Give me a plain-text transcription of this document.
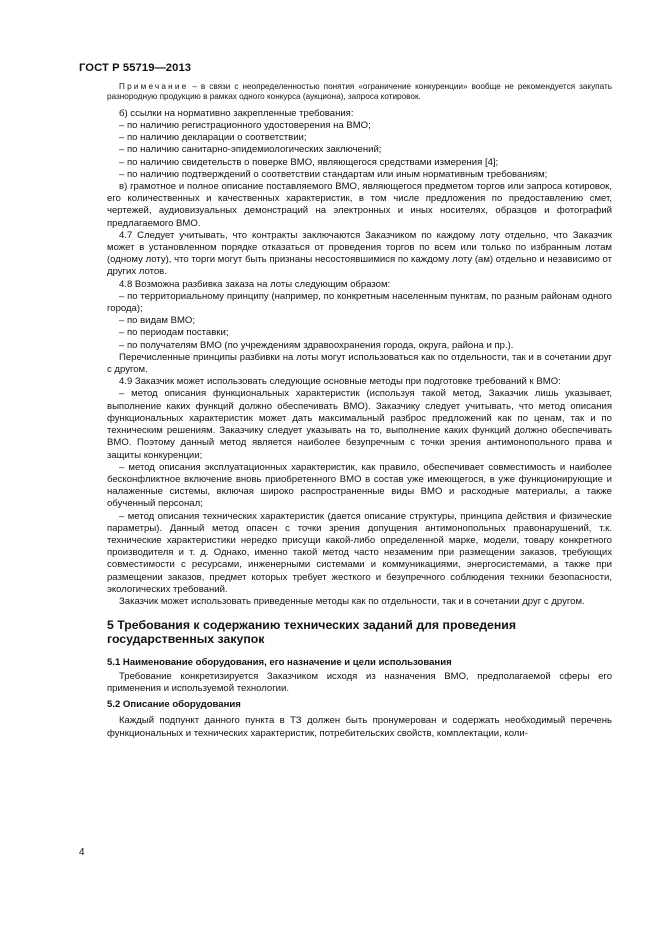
ГОСТ Р 55719—2013

Примечание – в связи с неопределенностью понятия «ограничение конкуренции» вообще не рекомендуется закупать разнородную продукцию в рамках одного конкурса (аукциона), запроса котировок.

б) ссылки на нормативно закрепленные требования:

– по наличию регистрационного удостоверения на ВМО;

– по наличию декларации о соответствии;

– по наличию санитарно-эпидемиологических заключений;

– по наличию свидетельств о поверке ВМО, являющегося средствами измерения [4];

– по наличию подтверждений о соответствии стандартам или иным нормативным требованиям;

в) грамотное и полное описание поставляемого ВМО, являющегося предметом торгов или запроса котировок, его количественных и качественных характеристик, в том числе предложения по предоставлению смет, чертежей, аудиовизуальных демонстраций на электронных и иных носителях, образцов и фотографий предлагаемого ВМО.

4.7 Следует учитывать, что контракты заключаются Заказчиком по каждому лоту отдельно, что Заказчик может в установленном порядке отказаться от проведения торгов по всем или только по избранным лотам (одному лоту), что торги могут быть признаны несостоявшимися по каждому лоту (ам) отдельно и независимо от других лотов.

4.8 Возможна разбивка заказа на лоты следующим образом:

– по территориальному принципу (например, по конкретным населенным пунктам, по разным районам одного города);

– по видам ВМО;

– по периодам поставки;

– по получателям ВМО (по учреждениям здравоохранения города, округа, района и пр.).

Перечисленные принципы разбивки на лоты могут использоваться как по отдельности, так и в сочетании друг с другом.

4.9 Заказчик может использовать следующие основные методы при подготовке требований к ВМО:

– метод описания функциональных характеристик (используя такой метод, Заказчик лишь указывает, выполнение каких функций должно обеспечивать ВМО). Заказчику следует учитывать, что метод описания функциональных характеристик может дать максимальный разброс предложений как по ценам, так и по техническим решениям. Заказчику следует указывать на то, выполнение каких функций должно обеспечивать ВМО. Поэтому данный метод является наиболее безупречным с точки зрения антимонопольного права и защиты конкуренции;

– метод описания эксплуатационных характеристик, как правило, обеспечивает совместимость и наиболее бесконфликтное включение вновь приобретенного ВМО в состав уже имеющегося, в уже функционирующие и налаженные системы, включая широко распространенные виды ВМО и расходные материалы, а также обученный персонал;

– метод описания технических характеристик (дается описание структуры, принципа действия и физические параметры). Данный метод опасен с точки зрения допущения антимонопольных правонарушений, т.к. технические характеристики нередко присущи какой-либо определенной марке, модели, товару конкретного производителя и т. д. Однако, именно такой метод часто незаменим при размещении заказов, требующих совместимости с ресурсами, инженерными системами и коммуникациями, энергосистемами, а также при размещении заказов, предмет которых требует жесткого и безупречного соблюдения техники безопасности, экологических требований.

Заказчик может использовать приведенные методы как по отдельности, так и в сочетании друг с другом.

5 Требования к содержанию технических заданий для проведения государственных закупок

5.1 Наименование оборудования, его назначение и цели использования

Требование конкретизируется Заказчиком исходя из назначения ВМО, предполагаемой сферы его применения и используемой технологии.

5.2 Описание оборудования

Каждый подпункт данного пункта в ТЗ должен быть пронумерован и содержать необходимый перечень функциональных и технических характеристик, потребительских свойств, комплектации, коли-

4
